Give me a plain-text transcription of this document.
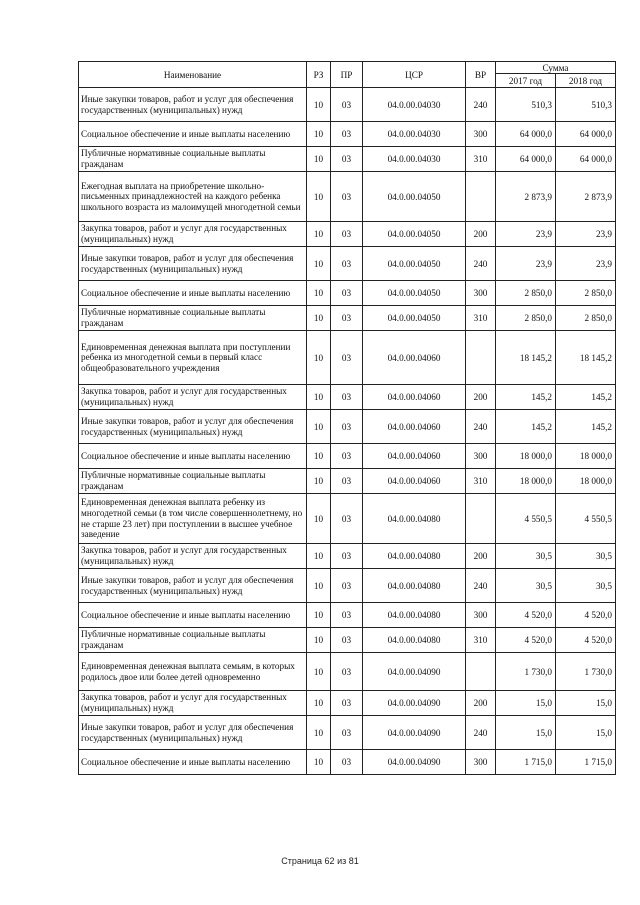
Наименование	РЗ	ПР	ЦСР	ВР	Сумма	
					2017 год	2018 год
Иные закупки товаров, работ и услуг для обеспечения государственных (муниципальных) нужд	10	03	04.0.00.04030	240	510,3	510,3
Социальное обеспечение и иные выплаты населению	10	03	04.0.00.04030	300	64 000,0	64 000,0
Публичные нормативные социальные выплаты гражданам	10	03	04.0.00.04030	310	64 000,0	64 000,0
Ежегодная выплата на приобретение школьно-письменных принадлежностей на каждого ребенка школьного возраста из малоимущей многодетной семьи	10	03	04.0.00.04050		2 873,9	2 873,9
Закупка товаров, работ и услуг для государственных (муниципальных) нужд	10	03	04.0.00.04050	200	23,9	23,9
Иные закупки товаров, работ и услуг для обеспечения государственных (муниципальных) нужд	10	03	04.0.00.04050	240	23,9	23,9
Социальное обеспечение и иные выплаты населению	10	03	04.0.00.04050	300	2 850,0	2 850,0
Публичные нормативные социальные выплаты гражданам	10	03	04.0.00.04050	310	2 850,0	2 850,0
Единовременная денежная выплата при поступлении ребенка из многодетной семьи в первый класс общеобразовательного учреждения	10	03	04.0.00.04060		18 145,2	18 145,2
Закупка товаров, работ и услуг для государственных (муниципальных) нужд	10	03	04.0.00.04060	200	145,2	145,2
Иные закупки товаров, работ и услуг для обеспечения государственных (муниципальных) нужд	10	03	04.0.00.04060	240	145,2	145,2
Социальное обеспечение и иные выплаты населению	10	03	04.0.00.04060	300	18 000,0	18 000,0
Публичные нормативные социальные выплаты гражданам	10	03	04.0.00.04060	310	18 000,0	18 000,0
Единовременная денежная выплата ребенку из многодетной семьи (в том числе совершеннолетнему, но не старше 23 лет) при поступлении в высшее учебное заведение	10	03	04.0.00.04080		4 550,5	4 550,5
Закупка товаров, работ и услуг для государственных (муниципальных) нужд	10	03	04.0.00.04080	200	30,5	30,5
Иные закупки товаров, работ и услуг для обеспечения государственных (муниципальных) нужд	10	03	04.0.00.04080	240	30,5	30,5
Социальное обеспечение и иные выплаты населению	10	03	04.0.00.04080	300	4 520,0	4 520,0
Публичные нормативные социальные выплаты гражданам	10	03	04.0.00.04080	310	4 520,0	4 520,0
Единовременная денежная выплата семьям, в которых родилось двое или более детей одновременно	10	03	04.0.00.04090		1 730,0	1 730,0
Закупка товаров, работ и услуг для государственных (муниципальных) нужд	10	03	04.0.00.04090	200	15,0	15,0
Иные закупки товаров, работ и услуг для обеспечения государственных (муниципальных) нужд	10	03	04.0.00.04090	240	15,0	15,0
Социальное обеспечение и иные выплаты населению	10	03	04.0.00.04090	300	1 715,0	1 715,0
Страница 62 из 81
